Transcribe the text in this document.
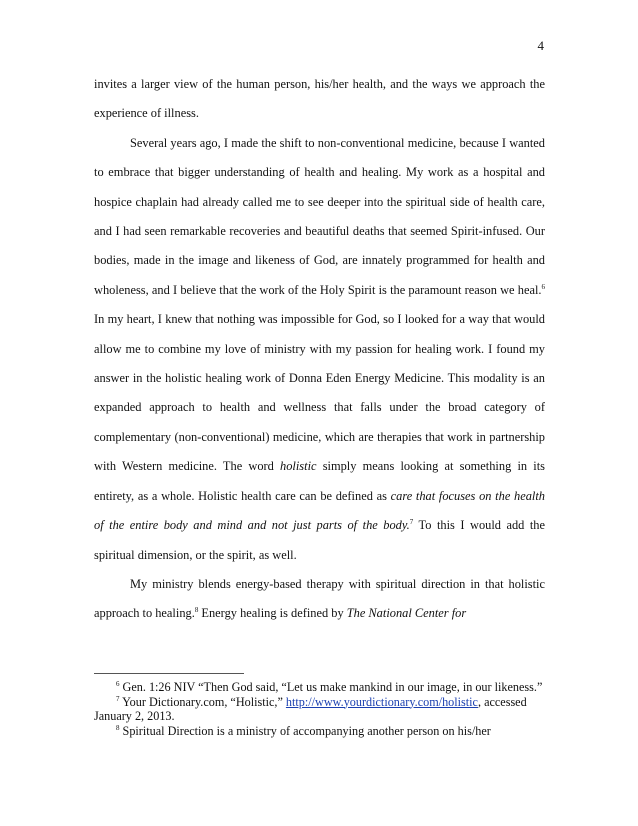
4

invites a larger view of the human person, his/her health, and the ways we approach the experience of illness.

Several years ago, I made the shift to non-conventional medicine, because I wanted to embrace that bigger understanding of health and healing. My work as a hospital and hospice chaplain had already called me to see deeper into the spiritual side of health care, and I had seen remarkable recoveries and beautiful deaths that seemed Spirit-infused. Our bodies, made in the image and likeness of God, are innately programmed for health and wholeness, and I believe that the work of the Holy Spirit is the paramount reason we heal.$^6$ In my heart, I knew that nothing was impossible for God, so I looked for a way that would allow me to combine my love of ministry with my passion for healing work. I found my answer in the holistic healing work of Donna Eden Energy Medicine. This modality is an expanded approach to health and wellness that falls under the broad category of complementary (non-conventional) medicine, which are therapies that work in partnership with Western medicine. The word holistic simply means looking at something in its entirety, as a whole. Holistic health care can be defined as care that focuses on the health of the entire body and mind and not just parts of the body.$^7$ To this I would add the spiritual dimension, or the spirit, as well.

My ministry blends energy-based therapy with spiritual direction in that holistic approach to healing.$^8$ Energy healing is defined by The National Center for

$^6$ Gen. 1:26 NIV “Then God said, “Let us make mankind in our image, in our likeness.”

$^7$ Your Dictionary.com, “Holistic,” http://www.yourdictionary.com/holistic, accessed January 2, 2013.

$^8$ Spiritual Direction is a ministry of accompanying another person on his/her
